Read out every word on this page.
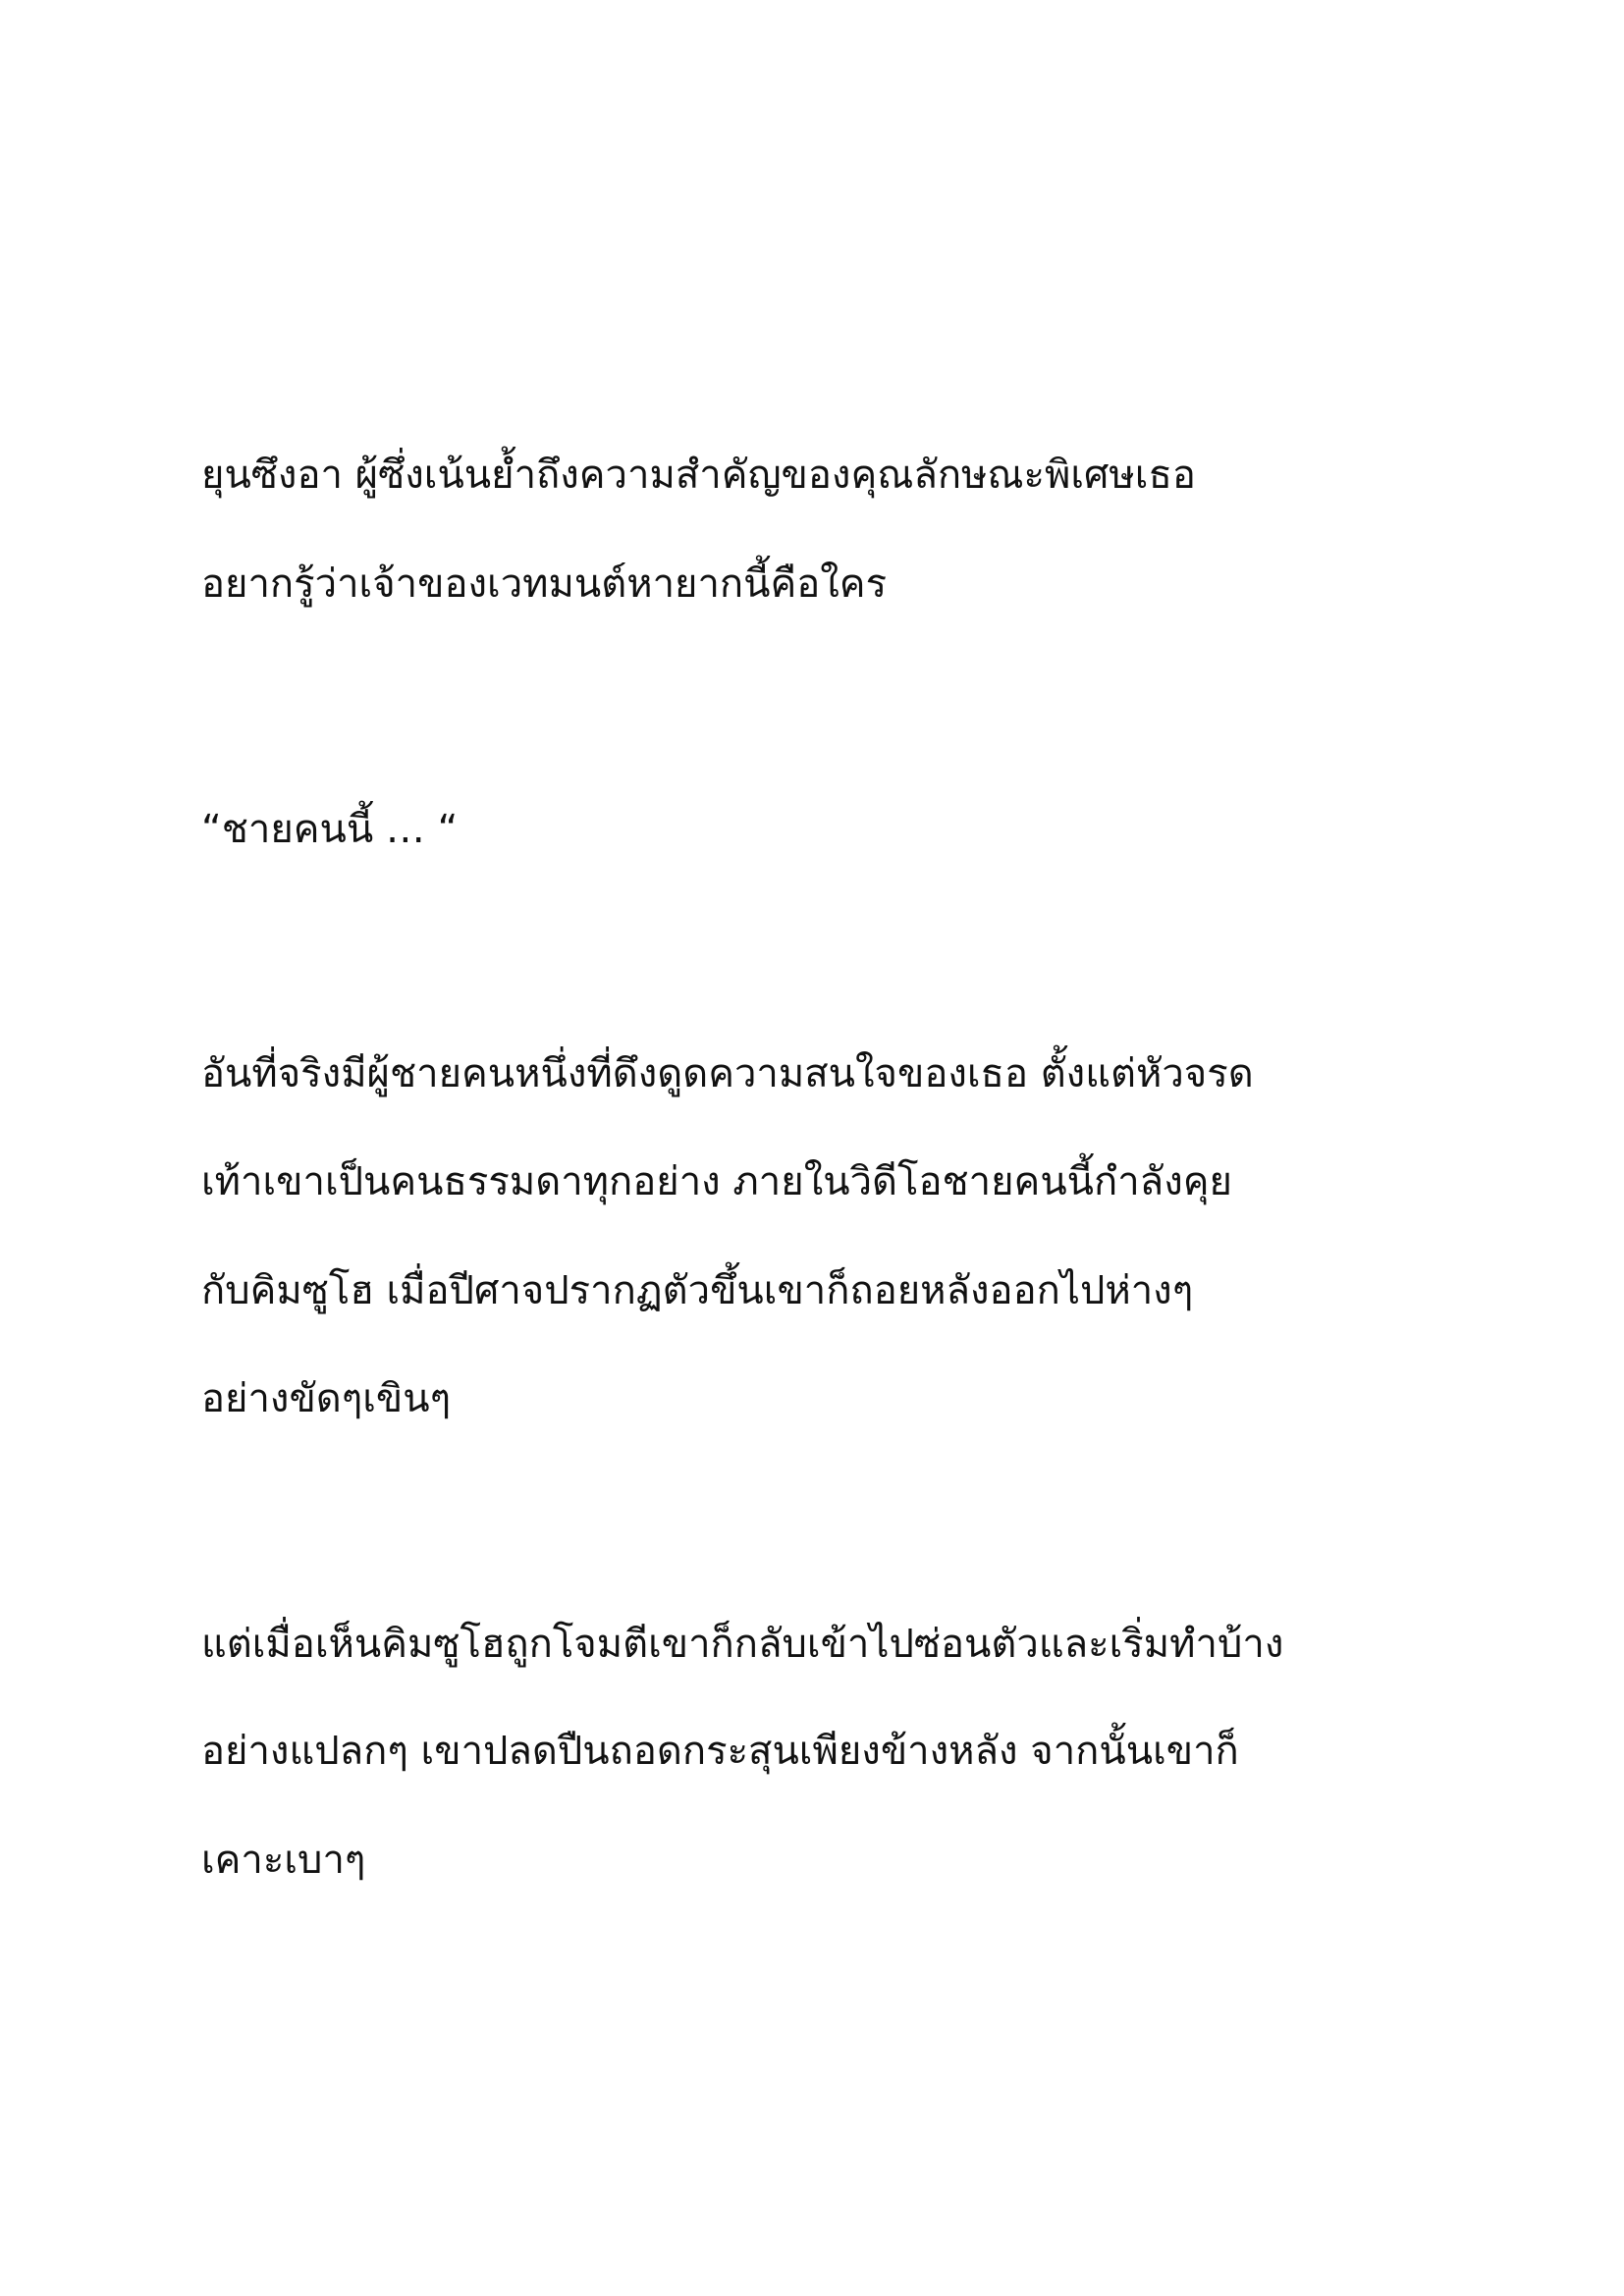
ยุนซึงอา ผู้ซึ่งเน้นย้ำถึงความสำคัญของคุณลักษณะพิเศษเธอ
อยากรู้ว่าเจ้าของเวทมนต์หายากนี้คือใคร
“ชายคนนี้ … “
อันที่จริงมีผู้ชายคนหนึ่งที่ดึงดูดความสนใจของเธอ ตั้งแต่หัวจรด
เท้าเขาเป็นคนธรรมดาทุกอย่าง ภายในวิดีโอชายคนนี้กำลังคุย
กับคิมซูโฮ เมื่อปีศาจปรากฏตัวขึ้นเขาก็ถอยหลังออกไปห่างๆ
อย่างขัดๆเขินๆ
แต่เมื่อเห็นคิมซูโฮถูกโจมตีเขาก็กลับเข้าไปซ่อนตัวและเริ่มทำบ้าง
อย่างแปลกๆ เขาปลดปืนถอดกระสุนเพียงข้างหลัง จากนั้นเขาก็
เคาะเบาๆ
